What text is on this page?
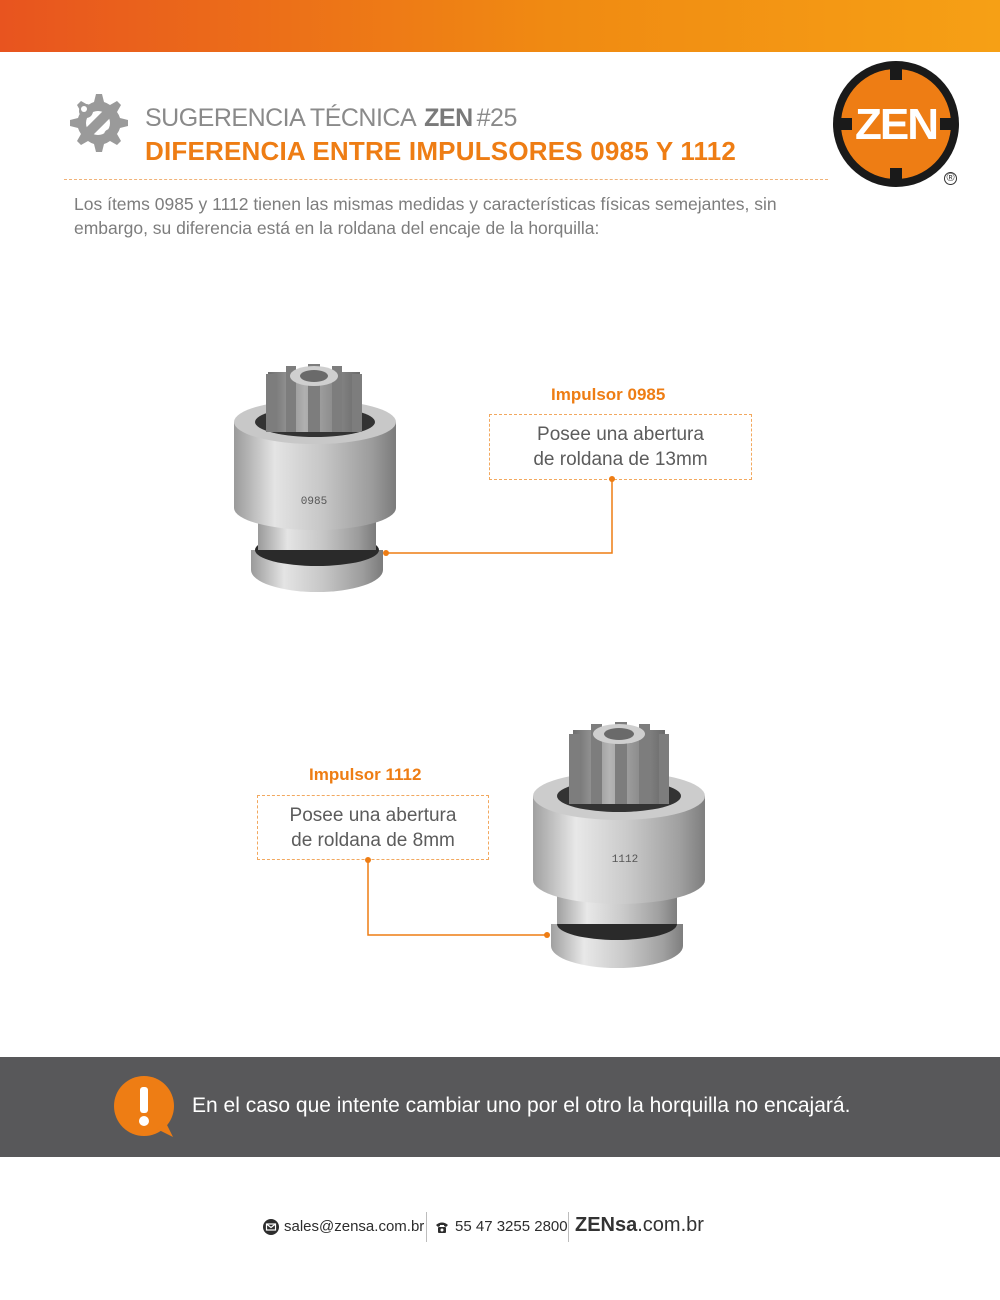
SUGERENCIA TÉCNICA ZEN #25
DIFERENCIA ENTRE IMPULSORES 0985 Y 1112
ZEN
®
Los ítems 0985 y 1112 tienen las mismas medidas y características físicas semejantes, sin embargo, su diferencia está en la roldana del encaje de la horquilla:
0985
Impulsor 0985
Posee una abertura
de roldana de 13mm
1112
Impulsor 1112
Posee una abertura
de roldana de 8mm
En el caso que intente cambiar uno por el otro la horquilla no encajará.
sales@zensa.com.br 55 47 3255 2800 ZENsa.com.br
